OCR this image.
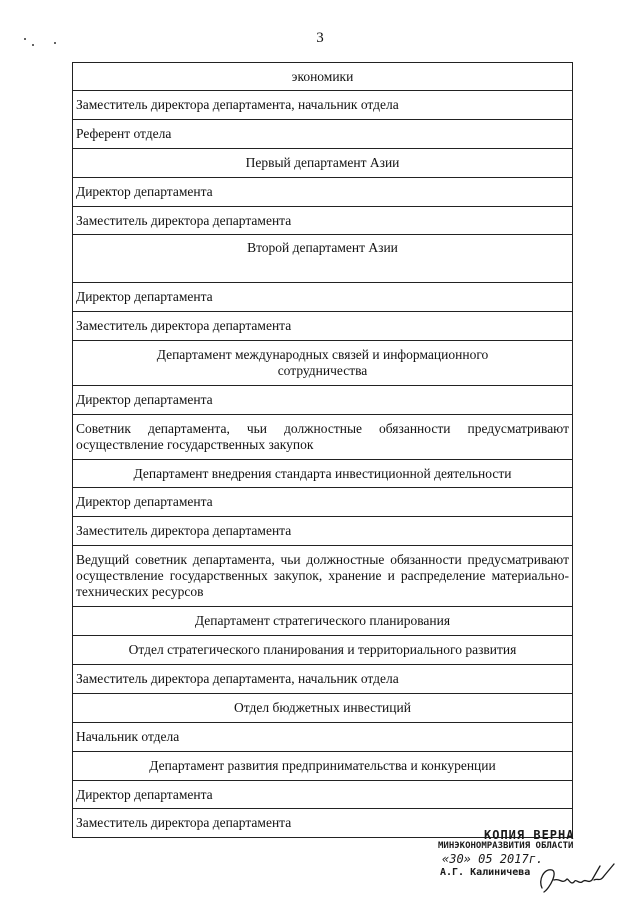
3
экономики
Заместитель директора департамента, начальник отдела
Референт отдела
Первый департамент Азии
Директор департамента
Заместитель директора департамента
Второй департамент Азии
Директор департамента
Заместитель директора департамента
Департамент международных связей и информационного сотрудничества
Директор департамента
Советник департамента, чьи должностные обязанности предусматривают осуществление государственных закупок
Департамент внедрения стандарта инвестиционной деятельности
Директор департамента
Заместитель директора департамента
Ведущий советник департамента, чьи должностные обязанности предусматривают осуществление государственных закупок, хранение и распределение материально-технических ресурсов
Департамент стратегического планирования
Отдел стратегического планирования и территориального развития
Заместитель директора департамента, начальник отдела
Отдел бюджетных инвестиций
Начальник отдела
Департамент развития предпринимательства и конкуренции
Директор департамента
Заместитель директора департамента
КОПИЯ ВЕРНА
МИНЭКОНОМРАЗВИТИЯ ОБЛАСТИ
«30» 05 2017г.
А.Г. Калиничева
